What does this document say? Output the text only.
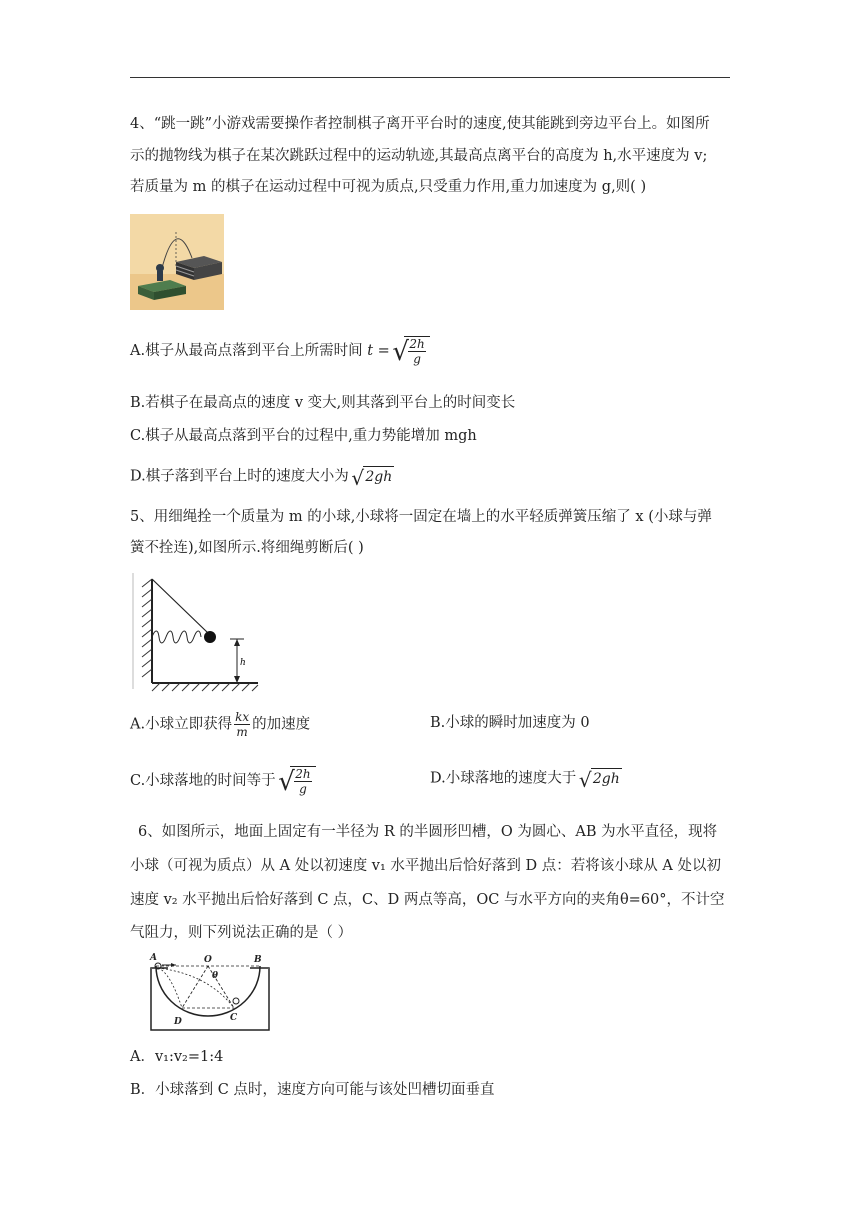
4、“跳一跳”小游戏需要操作者控制棋子离开平台时的速度,使其能跳到旁边平台上。如图所
示的抛物线为棋子在某次跳跃过程中的运动轨迹,其最高点离平台的高度为 h,水平速度为 v;
若质量为 m 的棋子在运动过程中可视为质点,只受重力作用,重力加速度为 g,则( )
A.棋子从最高点落到平台上所需时间 t = √ $\frac{2h}{g}$
B.若棋子在最高点的速度 v 变大,则其落到平台上的时间变长
C.棋子从最高点落到平台的过程中,重力势能增加 mgh
D.棋子落到平台上时的速度大小为 √ 2gh
5、用细绳拴一个质量为 m 的小球,小球将一固定在墙上的水平轻质弹簧压缩了 x (小球与弹
簧不拴连),如图所示.将细绳剪断后( )
h
A.小球立即获得 $\frac{kx}{m}$ 的加速度	B.小球的瞬时加速度为 0
C.小球落地的时间等于 √ $\frac{2h}{g}$	D.小球落地的速度大于 √ 2gh
6、如图所示，地面上固定有一半径为 R 的半圆形凹槽，O 为圆心、AB 为水平直径，现将
小球（可视为质点）从 A 处以初速度 v₁ 水平抛出后恰好落到 D 点：若将该小球从 A 处以初
速度 v₂ 水平抛出后恰好落到 C 点，C、D 两点等高，OC 与水平方向的夹角θ=60°，不计空
气阻力，则下列说法正确的是（ ）
A	O	B
θ
D	C
A．v₁:v₂=1:4
B．小球落到 C 点时，速度方向可能与该处凹槽切面垂直
